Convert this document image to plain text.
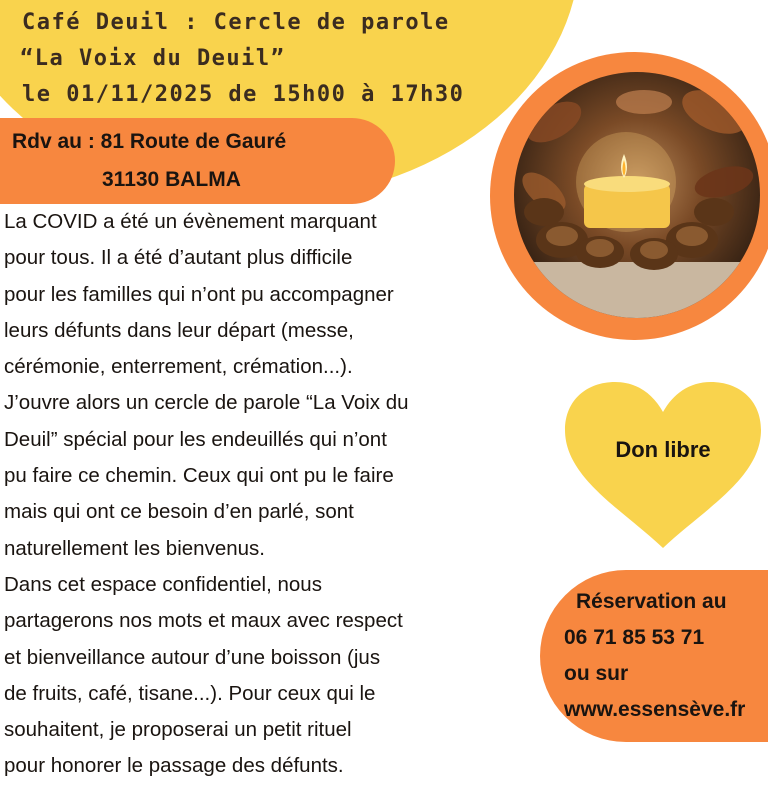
Café Deuil : Cercle de parole
“La Voix du Deuil”
le 01/11/2025 de 15h00 à 17h30
Rdv au : 81 Route de Gauré
31130 BALMA
La COVID a été un évènement marquant
pour tous. Il a été d’autant plus difficile
pour les familles qui n’ont pu accompagner
leurs défunts dans leur départ (messe,
cérémonie, enterrement, crémation...).
J’ouvre alors un cercle de parole “La Voix du
Deuil” spécial pour les endeuillés qui n’ont
pu faire ce chemin. Ceux qui ont pu le faire
mais qui ont ce besoin d’en parlé, sont
naturellement les bienvenus.
Dans cet espace confidentiel, nous
partagerons nos mots et maux avec respect
et bienveillance autour d’une boisson (jus
de fruits, café, tisane...). Pour ceux qui le
souhaitent, je proposerai un petit rituel
pour honorer le passage des défunts.
Don libre
Réservation au
06 71 85 53 71
ou sur
www.essensève.fr
